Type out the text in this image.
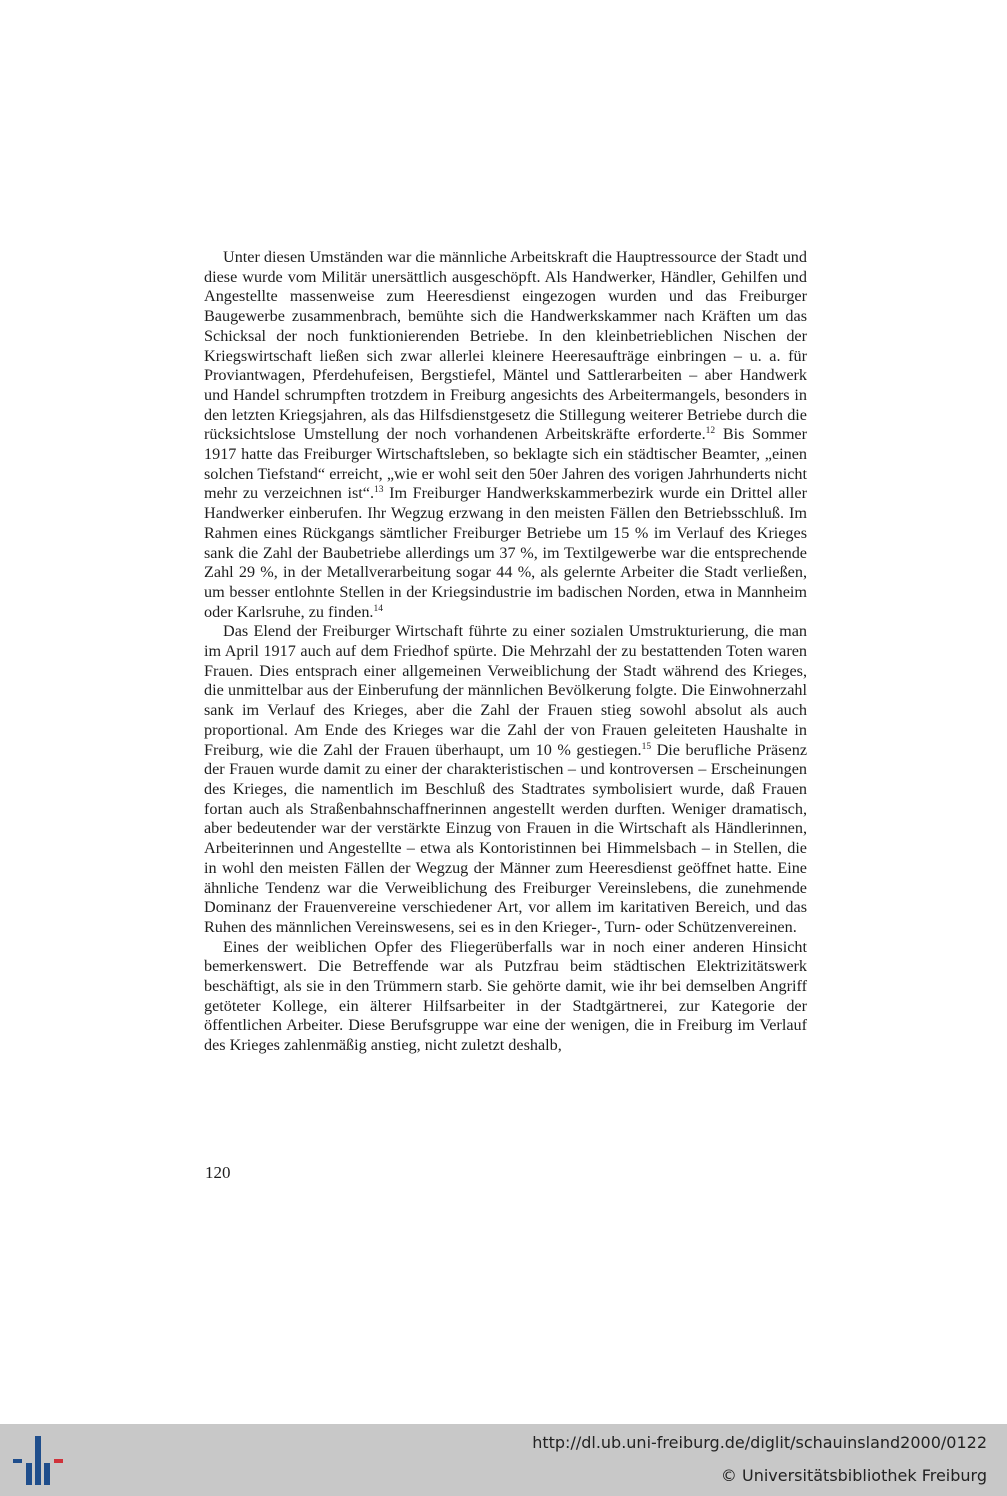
Unter diesen Umständen war die männliche Arbeitskraft die Hauptressource der Stadt und diese wurde vom Militär unersättlich ausgeschöpft. Als Handwerker, Händler, Gehilfen und Angestellte massenweise zum Heeresdienst eingezogen wurden und das Freiburger Baugewerbe zusammenbrach, bemühte sich die Handwerkskammer nach Kräften um das Schicksal der noch funktionierenden Betriebe. In den kleinbetrieblichen Nischen der Kriegswirtschaft ließen sich zwar allerlei kleinere Heeresaufträge einbringen – u. a. für Proviantwagen, Pferdehufeisen, Bergstiefel, Mäntel und Sattlerarbeiten – aber Handwerk und Handel schrumpften trotzdem in Freiburg angesichts des Arbeitermangels, besonders in den letzten Kriegsjahren, als das Hilfsdienstgesetz die Stillegung weiterer Betriebe durch die rücksichtslose Umstellung der noch vorhandenen Arbeitskräfte erforderte.$^{12}$ Bis Sommer 1917 hatte das Freiburger Wirtschaftsleben, so beklagte sich ein städtischer Beamter, „einen solchen Tiefstand“ erreicht, „wie er wohl seit den 50er Jahren des vorigen Jahrhunderts nicht mehr zu verzeichnen ist“.$^{13}$ Im Freiburger Handwerkskammerbezirk wurde ein Drittel aller Handwerker einberufen. Ihr Wegzug erzwang in den meisten Fällen den Betriebsschluß. Im Rahmen eines Rückgangs sämtlicher Freiburger Betriebe um 15 % im Verlauf des Krieges sank die Zahl der Baubetriebe allerdings um 37 %, im Textilgewerbe war die entsprechende Zahl 29 %, in der Metallverarbeitung sogar 44 %, als gelernte Arbeiter die Stadt verließen, um besser entlohnte Stellen in der Kriegsindustrie im badischen Norden, etwa in Mannheim oder Karlsruhe, zu finden.$^{14}$

Das Elend der Freiburger Wirtschaft führte zu einer sozialen Umstrukturierung, die man im April 1917 auch auf dem Friedhof spürte. Die Mehrzahl der zu bestattenden Toten waren Frauen. Dies entsprach einer allgemeinen Verweiblichung der Stadt während des Krieges, die unmittelbar aus der Einberufung der männlichen Bevölkerung folgte. Die Einwohnerzahl sank im Verlauf des Krieges, aber die Zahl der Frauen stieg sowohl absolut als auch proportional. Am Ende des Krieges war die Zahl der von Frauen geleiteten Haushalte in Freiburg, wie die Zahl der Frauen überhaupt, um 10 % gestiegen.$^{15}$ Die berufliche Präsenz der Frauen wurde damit zu einer der charakteristischen – und kontroversen – Erscheinungen des Krieges, die namentlich im Beschluß des Stadtrates symbolisiert wurde, daß Frauen fortan auch als Straßenbahnschaffnerinnen angestellt werden durften. Weniger dramatisch, aber bedeutender war der verstärkte Einzug von Frauen in die Wirtschaft als Händlerinnen, Arbeiterinnen und Angestellte – etwa als Kontoristinnen bei Himmelsbach – in Stellen, die in wohl den meisten Fällen der Wegzug der Männer zum Heeresdienst geöffnet hatte. Eine ähnliche Tendenz war die Verweiblichung des Freiburger Vereinslebens, die zunehmende Dominanz der Frauenvereine verschiedener Art, vor allem im karitativen Bereich, und das Ruhen des männlichen Vereinswesens, sei es in den Krieger-, Turn- oder Schützenvereinen.

Eines der weiblichen Opfer des Fliegerüberfalls war in noch einer anderen Hinsicht bemerkenswert. Die Betreffende war als Putzfrau beim städtischen Elektrizitätswerk beschäftigt, als sie in den Trümmern starb. Sie gehörte damit, wie ihr bei demselben Angriff getöteter Kollege, ein älterer Hilfsarbeiter in der Stadtgärtnerei, zur Kategorie der öffentlichen Arbeiter. Diese Berufsgruppe war eine der wenigen, die in Freiburg im Verlauf des Krieges zahlenmäßig anstieg, nicht zuletzt deshalb,

120
http://dl.ub.uni-freiburg.de/diglit/schauinsland2000/0122
© Universitätsbibliothek Freiburg
